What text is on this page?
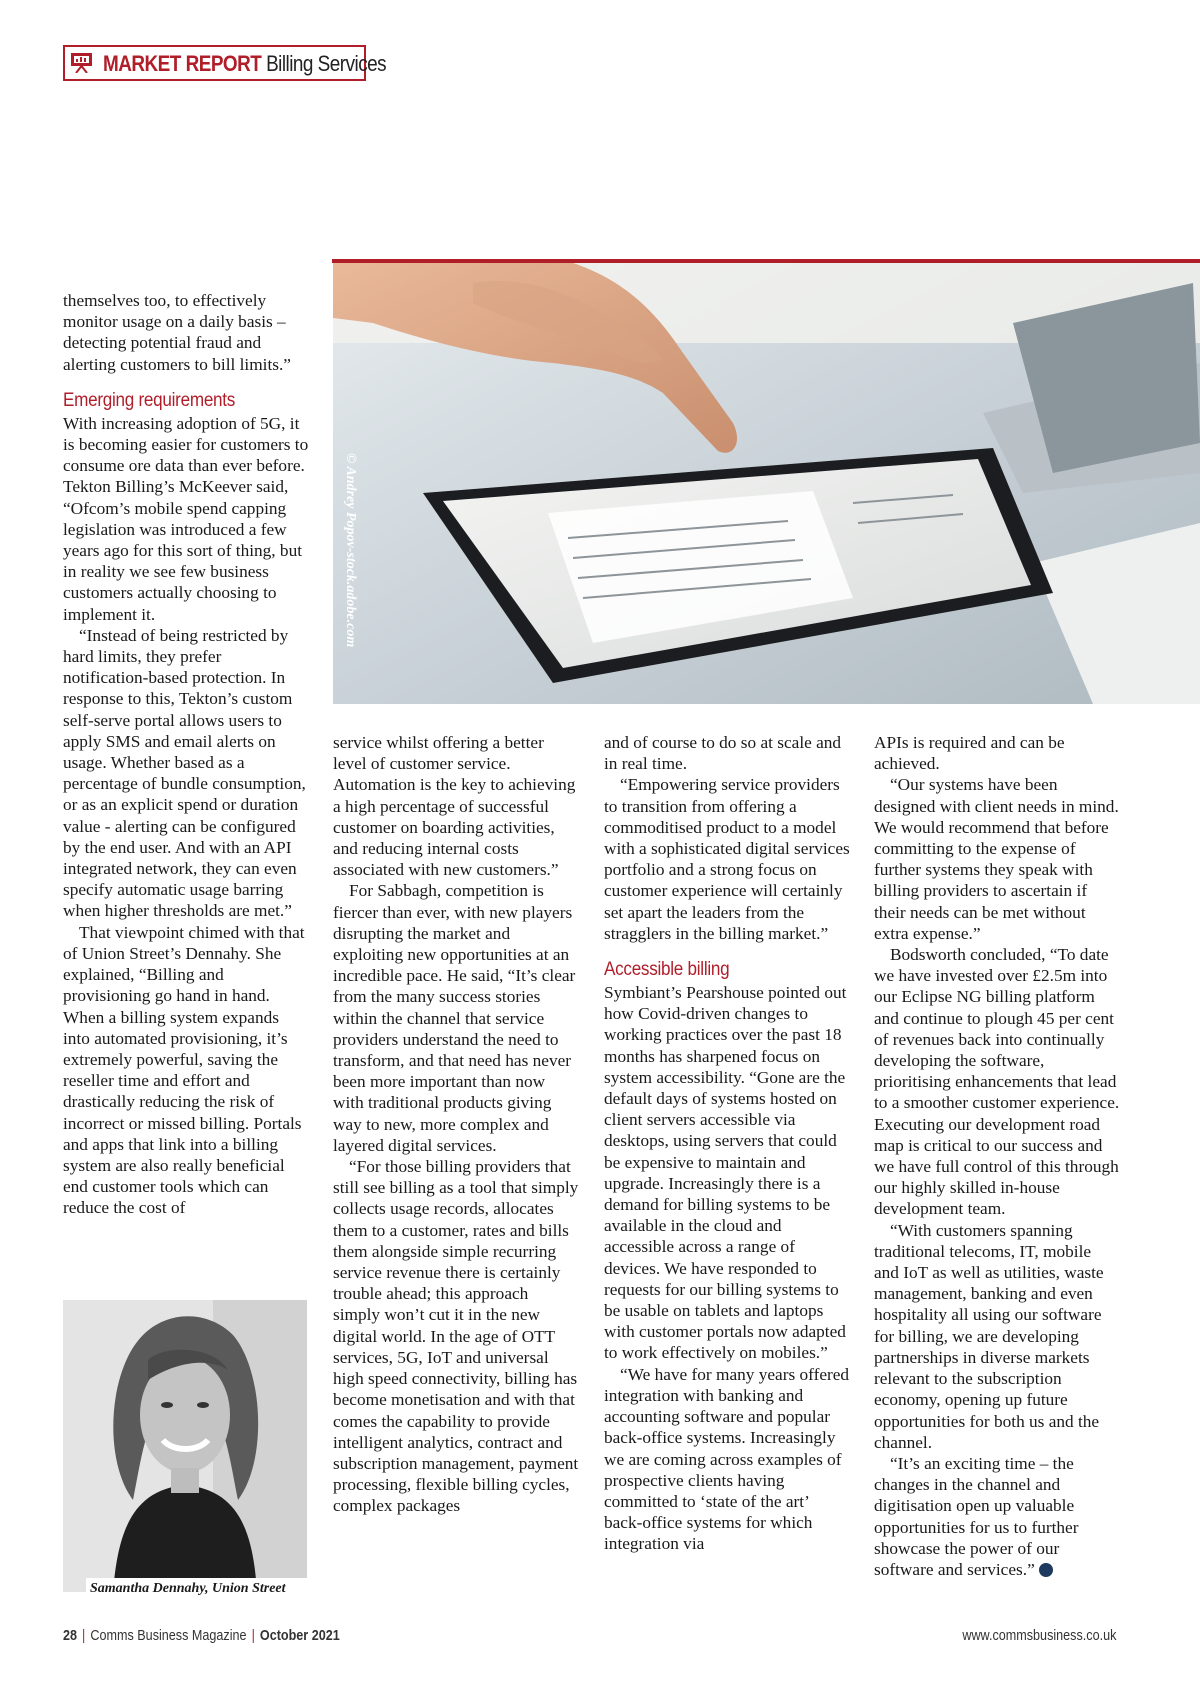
MARKET REPORT Billing Services
© Andrey Popov-stock.adobe.com

themselves too, to effectively monitor usage on a daily basis – detecting potential fraud and alerting customers to bill limits.”

Emerging requirements

With increasing adoption of 5G, it is becoming easier for customers to consume ore data than ever before. Tekton Billing’s McKeever said, “Ofcom’s mobile spend capping legislation was introduced a few years ago for this sort of thing, but in reality we see few business customers actually choosing to implement it.

“Instead of being restricted by hard limits, they prefer notification-based protection. In response to this, Tekton’s custom self-serve portal allows users to apply SMS and email alerts on usage. Whether based as a percentage of bundle consumption, or as an explicit spend or duration value - alerting can be configured by the end user. And with an API integrated network, they can even specify automatic usage barring when higher thresholds are met.”

That viewpoint chimed with that of Union Street’s Dennahy. She explained, “Billing and provisioning go hand in hand. When a billing system expands into automated provisioning, it’s extremely powerful, saving the reseller time and effort and drastically reducing the risk of incorrect or missed billing. Portals and apps that link into a billing system are also really beneficial end customer tools which can reduce the cost of

Samantha Dennahy, Union Street

service whilst offering a better level of customer service. Automation is the key to achieving a high percentage of successful customer on boarding activities, and reducing internal costs associated with new customers.”

For Sabbagh, competition is fiercer than ever, with new players disrupting the market and exploiting new opportunities at an incredible pace. He said, “It’s clear from the many success stories within the channel that service providers understand the need to transform, and that need has never been more important than now with traditional products giving way to new, more complex and layered digital services.

“For those billing providers that still see billing as a tool that simply collects usage records, allocates them to a customer, rates and bills them alongside simple recurring service revenue there is certainly trouble ahead; this approach simply won’t cut it in the new digital world. In the age of OTT services, 5G, IoT and universal high speed connectivity, billing has become monetisation and with that comes the capability to provide intelligent analytics, contract and subscription management, payment processing, flexible billing cycles, complex packages

and of course to do so at scale and in real time.

“Empowering service providers to transition from offering a commoditised product to a model with a sophisticated digital services portfolio and a strong focus on customer experience will certainly set apart the leaders from the stragglers in the billing market.”

Accessible billing

Symbiant’s Pearshouse pointed out how Covid-driven changes to working practices over the past 18 months has sharpened focus on system accessibility. “Gone are the default days of systems hosted on client servers accessible via desktops, using servers that could be expensive to maintain and upgrade. Increasingly there is a demand for billing systems to be available in the cloud and accessible across a range of devices. We have responded to requests for our billing systems to be usable on tablets and laptops with customer portals now adapted to work effectively on mobiles.”

“We have for many years offered integration with banking and accounting software and popular back-office systems. Increasingly we are coming across examples of prospective clients having committed to ‘state of the art’ back-office systems for which integration via

APIs is required and can be achieved.

“Our systems have been designed with client needs in mind. We would recommend that before committing to the expense of further systems they speak with billing providers to ascertain if their needs can be met without extra expense.”

Bodsworth concluded, “To date we have invested over £2.5m into our Eclipse NG billing platform and continue to plough 45 per cent of revenues back into continually developing the software, prioritising enhancements that lead to a smoother customer experience. Executing our development road map is critical to our success and we have full control of this through our highly skilled in-house development team.

“With customers spanning traditional telecoms, IT, mobile and IoT as well as utilities, waste management, banking and even hospitality all using our software for billing, we are developing partnerships in diverse markets relevant to the subscription economy, opening up future opportunities for both us and the channel.

“It’s an exciting time – the changes in the channel and digitisation open up valuable opportunities for us to further showcase the power of our software and services.”

28 | Comms Business Magazine | October 2021	www.commsbusiness.co.uk
